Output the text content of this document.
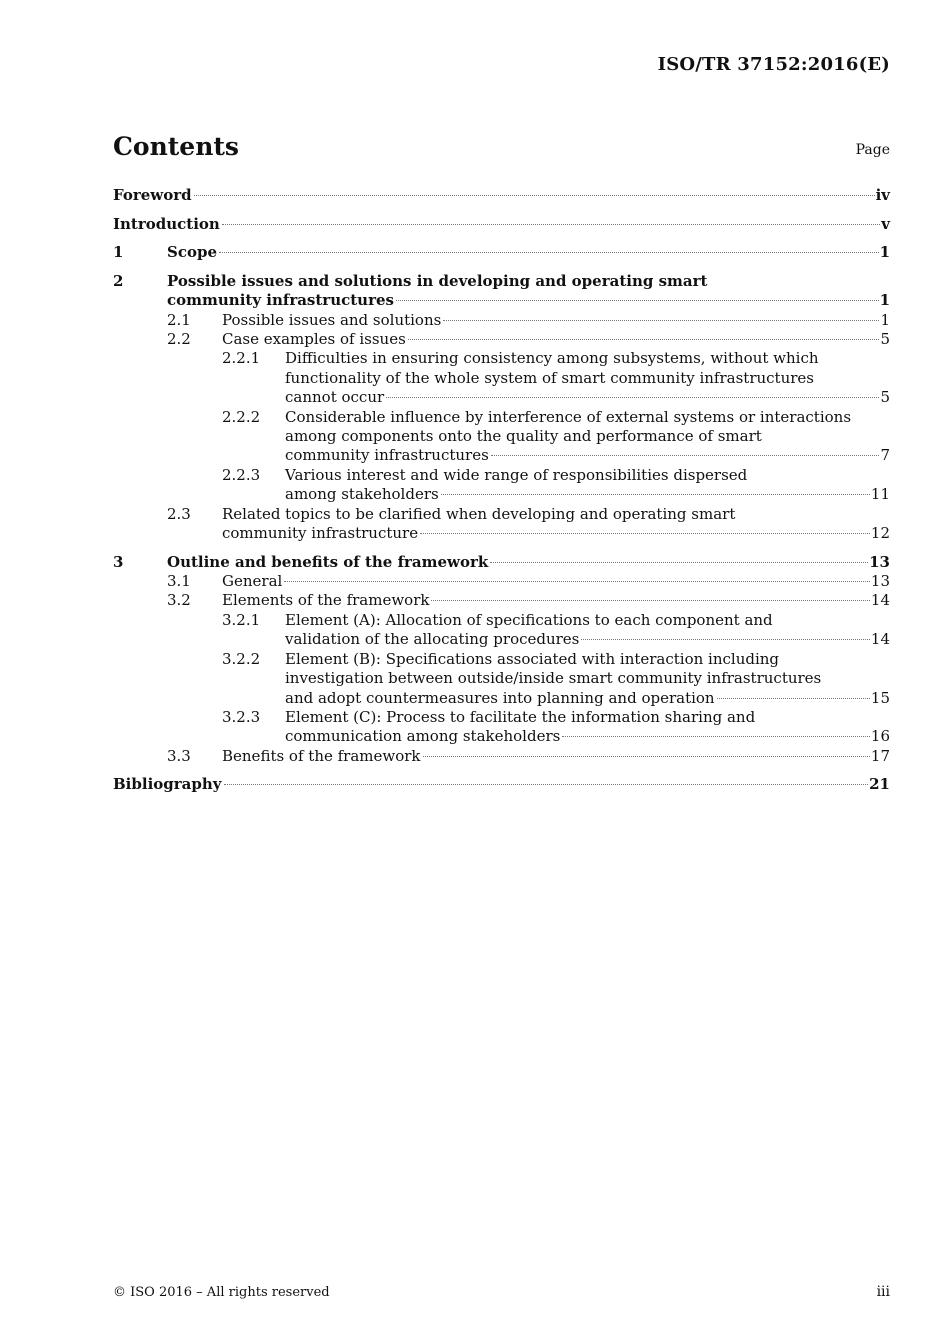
ISO/TR 37152:2016(E)
Contents	Page
Foreword	iv
Introduction	v
1	Scope	1
2	Possible issues and solutions in developing and operating smart
community infrastructures	1
2.1	Possible issues and solutions	1
2.2	Case examples of issues	5
2.2.1	Difficulties in ensuring consistency among subsystems, without which
functionality of the whole system of smart community infrastructures
cannot occur	5
2.2.2	Considerable influence by interference of external systems or interactions
among components onto the quality and performance of smart
community infrastructures	7
2.2.3	Various interest and wide range of responsibilities dispersed
among stakeholders	11
2.3	Related topics to be clarified when developing and operating smart
community infrastructure	12
3	Outline and benefits of the framework	13
3.1	General	13
3.2	Elements of the framework	14
3.2.1	Element (A): Allocation of specifications to each component and
validation of the allocating procedures	14
3.2.2	Element (B): Specifications associated with interaction including
investigation between outside/inside smart community infrastructures
and adopt countermeasures into planning and operation	15
3.2.3	Element (C): Process to facilitate the information sharing and
communication among stakeholders	16
3.3	Benefits of the framework	17
Bibliography	21
© ISO 2016 – All rights reserved	iii
